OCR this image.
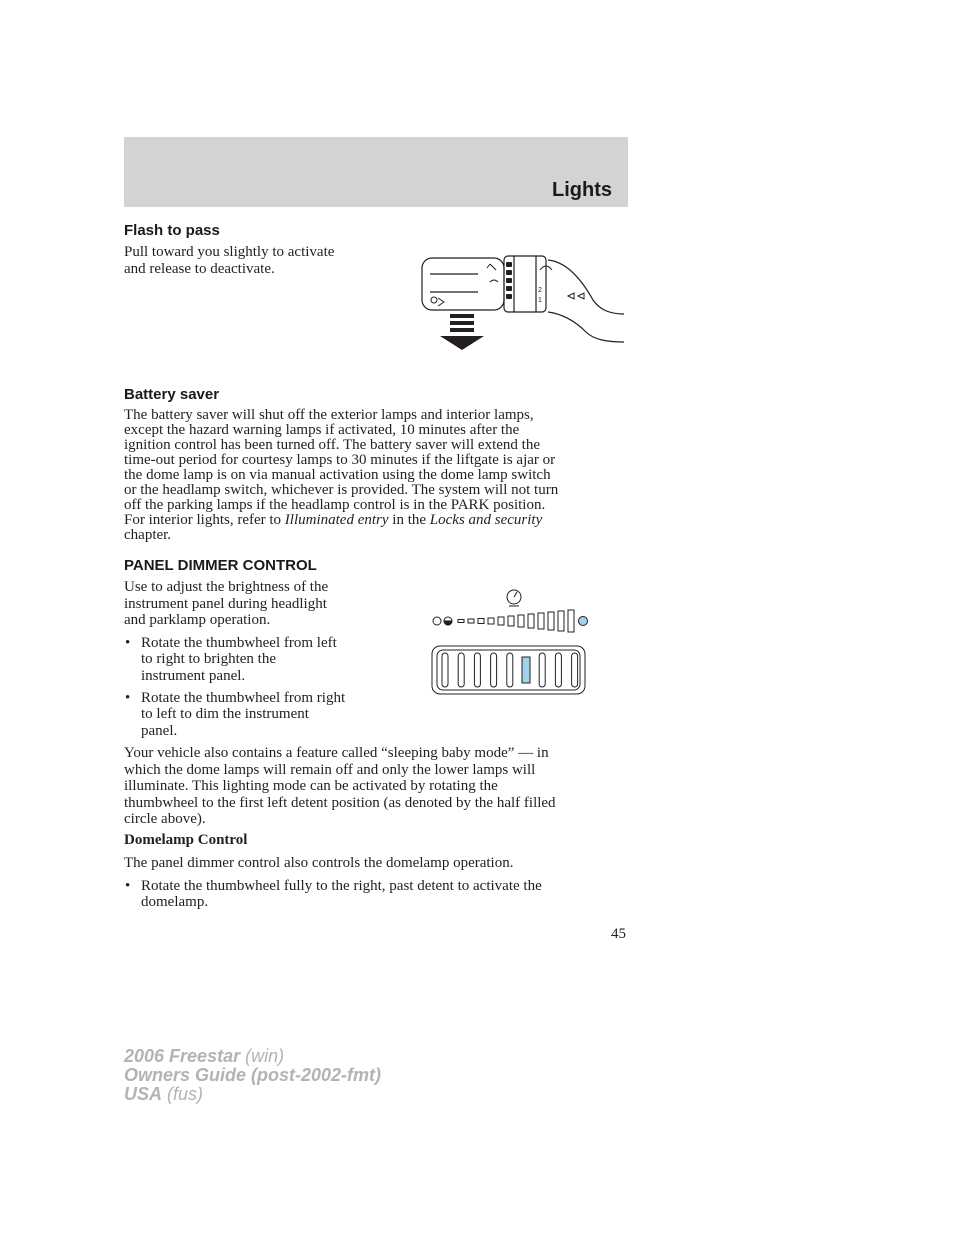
Lights
Flash to pass
Pull toward you slightly to activate
and release to deactivate.
2
1
Battery saver
The battery saver will shut off the exterior lamps and interior lamps,
except the hazard warning lamps if activated, 10 minutes after the
ignition control has been turned off. The battery saver will extend the
time-out period for courtesy lamps to 30 minutes if the liftgate is ajar or
the dome lamp is on via manual activation using the dome lamp switch
or the headlamp switch, whichever is provided. The system will not turn
off the parking lamps if the headlamp control is in the PARK position.
For interior lights, refer to Illuminated entry in the Locks and security
chapter.
PANEL DIMMER CONTROL
Use to adjust the brightness of the
instrument panel during headlight
and parklamp operation.
• Rotate the thumbwheel from left
to right to brighten the
instrument panel.
• Rotate the thumbwheel from right
to left to dim the instrument
panel.
Your vehicle also contains a feature called “sleeping baby mode” — in
which the dome lamps will remain off and only the lower lamps will
illuminate. This lighting mode can be activated by rotating the
thumbwheel to the first left detent position (as denoted by the half filled
circle above).
Domelamp Control
The panel dimmer control also controls the domelamp operation.
• Rotate the thumbwheel fully to the right, past detent to activate the
domelamp.
45
2006 Freestar (win)
Owners Guide (post-2002-fmt)
USA (fus)
